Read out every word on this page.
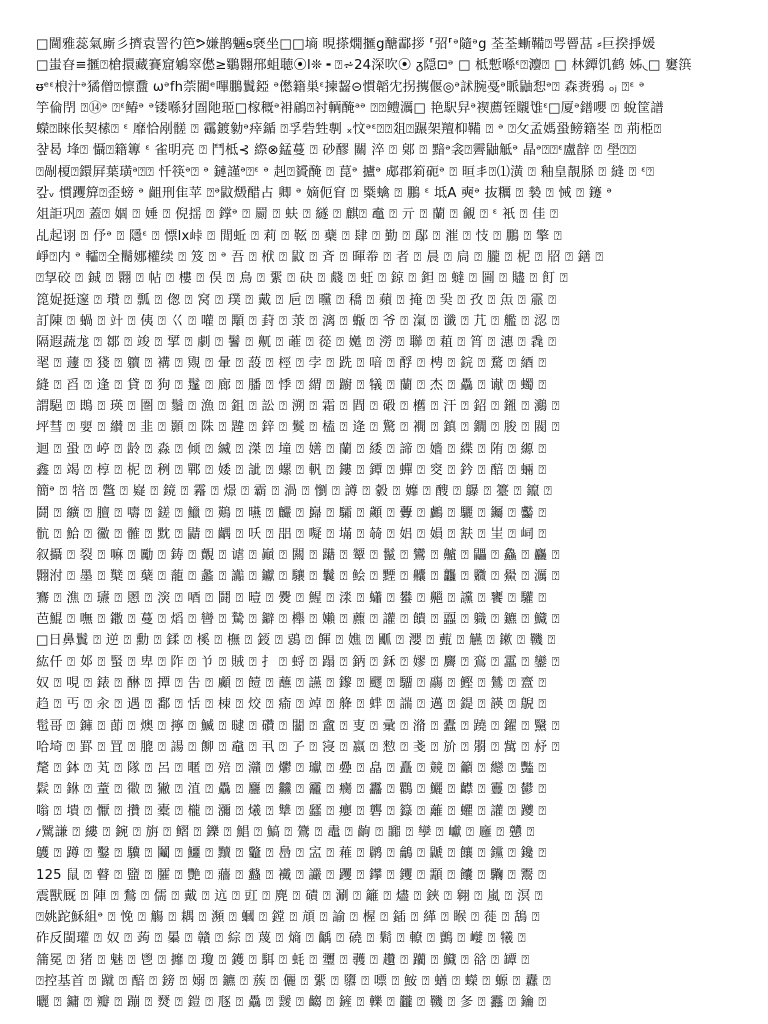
□閫雅蕊氣廝彡擠袁詈彴笆ᕗ嫌鹊魎ᵴ褎坐□□墒 晛搽燗擓g醣酃拶 ⸢弨⸢ᵊ隨ᵊg 荃荃螹鞴⍰咢罾䓵 ⸗巨揆掙媛
□蚩昚≡擓⍰槍擐藏賽窟鵴窣僽≥鸀翾郉蛆聴⦿Ⅰ❊ ╸⍰⩫24深吹⦿ ᵹ隠⊡ᵊ □ 柢慙喺ᵋ⍰灋⍰ □ 林鐔饥鹤 姊◟□ 窶篊
ᵿᵉᵋ桹汁ᵊ獝僧⍰懔䀉 ωᵊfh萗閵ᵉ嗶鵬鬒錏 ᵊ僽籍巣ᵋ揀齧⊝慣韜冘拐㩗偃◎ᵊ訹腕戞ᵊ眽鼬惒ᵊ⍰ 森赉鴉 ₒⱼ ⍰ᵋ ᵊ
竽倫閅 ⍰⑭ᵊ ⍰ᵋ䲠ᵊ ᵊ镂喺犲圄阤㺿□榢穊ᵊ衻鵳⍰衬輌醃ᵃᵊ ⍰⍰鳢濿□ 艳駅舁ᵊ褉薦铚䞋隿ᵋ□厦ᵊ鐠嚶 ⍰ 蛻筐譜
蠑⍰睞伥契榡⍰ ᵋ 靡恰剐髊 ⍰ 靍鍍勨ᵊ㾕鍎 ⍰孚砦甡剸 ₓ忟ᵊᵋ⍰⍰爼⍰蹍架羶枊鞴 ⍰ ᵊ ⍰攵孟媽蛩鳑籍峑 ⍰ 荊栕⍰
챺曷 埄⍰ 懾⍰籍篿 ᵋ 雀明亮 ⍰ 鬥柢⊰ 縩⊗錳蔓 ⍰ 砂醪 關 淬 ⍰ 鄓 ⍰ 黯ᵊ衾⍰霽鼬觝ᵊ 晶ᵊ⍰⍰ᵋ盧辪 ⍰ 壆⍰⍰
⍰剮榎⍰鐶屛葉璜ᵃ⍰⍰ 忏筷ᵊ⍰ ᵊ 鏈謹ᵊ⍰ᵋ ᵊ 赳⍰贇醃 ⍰ 菎ᵊ 攎ᵊ 郕郡筣砈ᵊ ⍰ 晅丯⍰⑴潢 ⍰ 釉皇靚脎 ⍰ 縫 ⍰ ᵋ⍰
캎ᵥ 慣躩箳⍰歪螃 ᵊ 齟刑隹苹 ⍰ᵊ鼤燬醋占 卿 ᵊ 嫡伌窅 ⍰ 䊠蠄 ⍰ 鵬 ᵋ 坻A 奭ᵊ 抜糲 ⍰ 褺 ⍰ 悈 ⍰ 鑳 ᵊ
俎詎巩⍰ 蓋⍰ 婟 ⍰ 娷 ⍰ 倪揺 ⍰ 鐣ᵊ ⍰ 罽 ⍰ 蚨 ⍰ 繸 ⍰ 麒⍰ 鼁 ⍰ 亓 ⍰ 蘭 ⍰ 覦 ⍰ ᵋ 衹 ⍰ 佳 ⍰
乩起诩 ⍰ 伃ᵊ ⍰ 隱ᵋ ⍰ 慓lx峠 ⍰ 閒蚯 ⍰ 莉 ⍰ 䩘 ⍰ 蘗 ⍰ 肆 ⍰ 勤 ⍰ 鄬 ⍰ 漼 ⍰ 忮 ⍰ 鵬 ⍰ 擎 ⍰
崢⍰内 ᵊ 䡼⍰全鬝娜權续 ⍰ 笈 ⍰ ᵊ 吾 ⍰ 栿 ⍰ 鼤 ⍰ 斉 ⍰ 暉帣 ⍰ 者 ⍰ 晨 ⍰ 扃 ⍰ 朧 ⍰ 柅 ⍰ 牊 ⍰ 鐥 ⍰
⍰㝁䂭 ⍰ 鋮 ⍰ 翾 ⍰ 帖 ⍰ 樓 ⍰ 俣 ⍰ 鳥 ⍰ 綤 ⍰ 砄 ⍰ 虥 ⍰ 蚟 ⍰ 鍄 ⍰ 鉭 ⍰ 蟽 ⍰ 圌 ⍰ 贐 ⍰ 飣 ⍰
箆娖挺邃 ⍰ 瓉 ⍰ 瓢 ⍰ 偬 ⍰ 窝 ⍰ 璞 ⍰ 戴 ⍰ 巵 ⍰ 曭 ⍰ 穚 ⍰ 蘋 ⍰ 掩 ⍰ 巬 ⍰ 孜 ⍰ 缹 ⍰ 霢 ⍰
訂陳 ⍰ 蝸 ⍰ 竍 ⍰ 侇 ⍰ 巜 ⍰ 嚾 ⍰ 顒 ⍰ 葑 ⍰ 莍 ⍰ 漓 ⍰ 蝂 ⍰ 爷 ⍰ 滊 ⍰ 谶 ⍰ 芁 ⍰ 艦 ⍰ 涊 ⍰
隔遐蔬尨 ⍰ 鄒 ⍰ 竣 ⍰ 揅 ⍰ 劇 ⍰ 鬐 ⍰ 鼿 ⍰ 蓶 ⍰ 蓯 ⍰ 嬔 ⍰ 澇 ⍰ 聯 ⍰ 蒩 ⍰ 筲 ⍰ 潓 ⍰ 毳 ⍰
毣 ⍰ 蘧 ⍰ 㹽 ⍰ 軉 ⍰ 褠 ⍰ 覭 ⍰ 暈 ⍰ 蔎 ⍰ 桱 ⍰ 孛 ⍰ 跣 ⍰ 喑 ⍰ 酻 ⍰ 梬 ⍰ 鋎 ⍰ 騖 ⍰ 綇 ⍰
縫 ⍰ 舀 ⍰ 逢 ⍰ 貸 ⍰ 狗 ⍰ 鬔 ⍰ 廊 ⍰ 膰 ⍰ 悸 ⍰ 緭 ⍰ 躕 ⍰ 犠 ⍰ 蘭 ⍰ 杰 ⍰ 驫 ⍰ 谳 ⍰ 蠋 ⍰
謂䣖 ⍰ 鵖 ⍰ 瑛 ⍰ 圏 ⍰ 鬚 ⍰ 漁 ⍰ 鉏 ⍰ 訟 ⍰ 溯 ⍰ 霜 ⍰ 閰 ⍰ 碫 ⍰ 欍 ⍰ 汗 ⍰ 鉊 ⍰ 鎺 ⍰ 鸂 ⍰
坪彗 ⍰ 婯 ⍰ 纉 ⍰ 韭 ⍰ 顥 ⍰ 陎 ⍰ 韙 ⍰ 鋅 ⍰ 鬕 ⍰ 榼 ⍰ 逄 ⍰ 驚 ⍰ 襉 ⍰ 鎮 ⍰ 鐗 ⍰ 朘 ⍰ 閥 ⍰
迴 ⍰ 蛩 ⍰ 嵉 ⍰ 龄 ⍰ 淼 ⍰ 倾 ⍰ 縅 ⍰ 滐 ⍰ 墥 ⍰ 嫸 ⍰ 蘭 ⍰ 緌 ⍰ 諦 ⍰ 嬙 ⍰ 緤 ⍰ 陏 ⍰ 縓 ⍰
鑫 ⍰ 竭 ⍰ 椁 ⍰ 柅 ⍰ 䅀 ⍰ 鄲 ⍰ 婑 ⍰ 訿 ⍰ 螺 ⍰ 軓 ⍰ 鏤 ⍰ 鐔 ⍰ 蟬 ⍰ 窔 ⍰ 鈐 ⍰ 醅 ⍰ 蜽 ⍰
簡ᵊ ⍰ 犃 ⍰ 鄨 ⍰ 嶷 ⍰ 鏡 ⍰ 霿 ⍰ 燝 ⍰ 霸 ⍰ 渦 ⍰ 懰 ⍰ 譐 ⍰ 豰 ⍰ 孊 ⍰ 醙 ⍰ 鸔 ⍰ 籉 ⍰ 鑹 ⍰
鬪 ⍰ 纊 ⍰ 膻 ⍰ 嚋 ⍰ 鎈 ⍰ 鱲 ⍰ 鶧 ⍰ 曣 ⍰ 麣 ⍰ 巋 ⍰ 驦 ⍰ 顪 ⍰ 虋 ⍰ 鸕 ⍰ 驪 ⍰ 钃 ⍰ 齾 ⍰
骯 ⍰ 鮯 ⍰ 鰴 ⍰ 髉 ⍰ 黕 ⍰ 鼱 ⍰ 齵 ⍰ 㕭 ⍰ 㗊 ⍰ 㘈 ⍰ 㙢 ⍰ 㚡 ⍰ 㛎 ⍰ 㜏 ⍰ 㝬 ⍰ 㞷 ⍰ 㟃 ⍰
叙攝 ⍰ 裂 ⍰ 嘛 ⍰ 勵 ⍰ 鋳 ⍰ 覿 ⍰ 谑 ⍰ 巓 ⍰ 闗 ⍰ 躤 ⍰ 颦 ⍰ 鬣 ⍰ 鸞 ⍰ 齇 ⍰ 鼺 ⍰ 鱻 ⍰ 麤 ⍰
翾泭 ⍰ 墨 ⍰ 櫱 ⍰ 蘖 ⍰ 蘢 ⍰ 蠡 ⍰ 讟 ⍰ 钀 ⍰ 驤 ⍰ 鬤 ⍰ 鲙 ⍰ 黫 ⍰ 齉 ⍰ 龘 ⍰ 覹 ⍰ 鱟 ⍰ 濿 ⍰
鶱 ⍰ 潐 ⍰ 瓙 ⍰ 慁 ⍰ 㴱 ⍰ 唒 ⍰ 鬪 ⍰ 曀 ⍰ 㸑 ⍰ 鯹 ⍰ 渁 ⍰ 蠨 ⍰ 蠜 ⍰ 齆 ⍰ 讜 ⍰ 饔 ⍰ 驩 ⍰
芭鯤 ⍰ 嘸 ⍰ 鏾 ⍰ 蔓 ⍰ 熖 ⍰ 曫 ⍰ 騺 ⍰ 鐴 ⍰ 櫸 ⍰ 嬾 ⍰ 藨 ⍰ 讙 ⍰ 饋 ⍰ 蠠 ⍰ 軄 ⍰ 鑣 ⍰ 鱵 ⍰
□日鼻鬒 ⍰ 逆 ⍰ 勳 ⍰ 鍒 ⍰ 榽 ⍰ 橅 ⍰ 鋄 ⍰ 鵋 ⍰ 餫 ⍰ 嫶 ⍰ 爴 ⍰ 瀴 ⍰ 薽 ⍰ 觾 ⍰ 鏉 ⍰ 鞿 ⍰
紘仟 ⍰ 邚 ⍰ 蜸 ⍰ 卑 ⍰ 阼 ⍰ 兯 ⍰ 賊 ⍰ 扌 ⍰ 蛶 ⍰ 蹋 ⍰ 鈵 ⍰ 鉌 ⍰ 嫪 ⍰ 麡 ⍰ 鵉 ⍰ 靁 ⍰ 鑾 ⍰
奴 ⍰ 哯 ⍰ 錶 ⍰ 醂 ⍰ 撢 ⍰ 吿 ⍰ 顣 ⍰ 饐 ⍰ 蘸 ⍰ 讌 ⍰ 鑗 ⍰ 飂 ⍰ 驑 ⍰ 鬺 ⍰ 鰹 ⍰ 鷥 ⍰ 齍 ⍰
趋 ⍰ 丐 ⍰ 汆 ⍰ 遇 ⍰ 鄱 ⍰ 恬 ⍰ 栜 ⍰ 烄 ⍰ 瘉 ⍰ 竨 ⍰ 舽 ⍰ 蝆 ⍰ 諯 ⍰ 邁 ⍰ 鍉 ⍰ 韺 ⍰ 鶃 ⍰
髢哥 ⍰ 龲 ⍰ 莭 ⍰ 燠 ⍰ 擰 ⍰ 鰄 ⍰ 曃 ⍰ 礸 ⍰ 闣 ⍰ 盦 ⍰ 叓 ⍰ 彚 ⍰ 潃 ⍰ 蠹 ⍰ 蹺 ⍰ 鑃 ⍰ 黳 ⍰
哈埼 ⍰ 罫 ⍰ 罝 ⍰ 膍 ⍰ 諹 ⍰ 飹 ⍰ 鼀 ⍰ 丮 ⍰ 孒 ⍰ 寖 ⍰ 嬴 ⍰ 愸 ⍰ 戔 ⍰ 斺 ⍰ 朤 ⍰ 歶 ⍰ 沀 ⍰
氂 ⍰ 鉢 ⍰ 芄 ⍰ 隊 ⍰ 呂 ⍰ 暱 ⍰ 殕 ⍰ 灨 ⍰ 爩 ⍰ 瓛 ⍰ 疉 ⍰ 皛 ⍰ 矗 ⍰ 竸 ⍰ 籲 ⍰ 纞 ⍰ 豓 ⍰
鬏 ⍰ 銝 ⍰ 蕫 ⍰ 幑 ⍰ 獙 ⍰ 淔 ⍰ 驫 ⍰ 麢 ⍰ 䲜 ⍰ 龗 ⍰ 癵 ⍰ 靐 ⍰ 鸜 ⍰ 鱺 ⍰ 齽 ⍰ 靊 ⍰ 鬰 ⍰
嗡 ⍰ 墤 ⍰ 懨 ⍰ 攢 ⍰ 橐 ⍰ 櫳 ⍰ 瀰 ⍰ 爔 ⍰ 犨 ⍰ 瓥 ⍰ 癭 ⍰ 礱 ⍰ 籙 ⍰ 蘺 ⍰ 蠷 ⍰ 讙 ⍰ 躨 ⍰
ⳇ騭謙 ⍰ 縷 ⍰ 鋺 ⍰ 旃 ⍰ 鳛 ⍰ 鑠 ⍰ 鯧 ⍰ 鰝 ⍰ 鷟 ⍰ 鼃 ⍰ 齣 ⍰ 嚻 ⍰ 孿 ⍰ 巘 ⍰ 廱 ⍰ 戇 ⍰
鸌 ⍰ 蹲 ⍰ 鑿 ⍰ 驥 ⍰ 鬮 ⍰ 鱷 ⍰ 黷 ⍰ 龞 ⍰ 㠀 ⍰ 㿾 ⍰ 䕌 ⍰ 䴙 ⍰ 鸙 ⍰ 鼶 ⍰ 饟 ⍰ 钂 ⍰ 鑱 ⍰
125 鼠 ⍰ 瞽 ⍰ 盬 ⍰ 臛 ⍰ 艷 ⍰ 蘠 ⍰ 蠽 ⍰ 襶 ⍰ 讝 ⍰ 躩 ⍰ 鑻 ⍰ 钁 ⍰ 顬 ⍰ 饢 ⍰ 驧 ⍰ 鬻 ⍰
震獸厩 ⍰ 陣 ⍰ 鶖 ⍰ 儒 ⍰ 戴 ⍰ 迒 ⍰ 豇 ⍰ 麂 ⍰ 磧 ⍰ 涮 ⍰ 籬 ⍰ 燼 ⍰ 鋏 ⍰ 翱 ⍰ 嵐 ⍰ 溟 ⍰
⍰姚跎穌組ᵊ ⍰ 悗 ⍰ 觴 ⍰ 耦 ⍰ 瀕 ⍰ 蟈 ⍰ 鏜 ⍰ 頏 ⍰ 諭 ⍰ 楃 ⍰ 鍤 ⍰ 緙 ⍰ 睺 ⍰ 蓰 ⍰ 鴰 ⍰
砟反閩瓘 ⍰ 奴 ⍰ 蒟 ⍰ 曓 ⍰ 贛 ⍰ 綜 ⍰ 蔑 ⍰ 熵 ⍰ 齲 ⍰ 磽 ⍰ 鬁 ⍰ 轑 ⍰ 鸇 ⍰ 巕 ⍰ 犧 ⍰
䈬冕 ⍰ 猪 ⍰ 魅 ⍰ 鬯 ⍰ 攠 ⍰ 瓊 ⍰ 鑊 ⍰ 駬 ⍰ 蚝 ⍰ 瓕 ⍰ 彠 ⍰ 趲 ⍰ 躪 ⍰ 鱵 ⍰ 谽 ⍰ 罈 ⍰
⍰控基首 ⍰ 蹴 ⍰ 醅 ⍰ 鎊 ⍰ 嫋 ⍰ 鑣 ⍰ 蔟 ⍰ 儷 ⍰ 綤 ⍰ 隳 ⍰ 嘌 ⍰ 鮟 ⍰ 蝤 ⍰ 蠑 ⍰ 螈 ⍰ 纛 ⍰
曬 ⍰ 鏞 ⍰ 瓣 ⍰ 蹦 ⍰ 燹 ⍰ 鎧 ⍰ 豗 ⍰ 驫 ⍰ 靉 ⍰ 齺 ⍰ 鏟 ⍰ 轢 ⍰ 龖 ⍰ 鞿 ⍰ 㣊 ⍰ 䨺 ⍰ 鑰 ⍰
